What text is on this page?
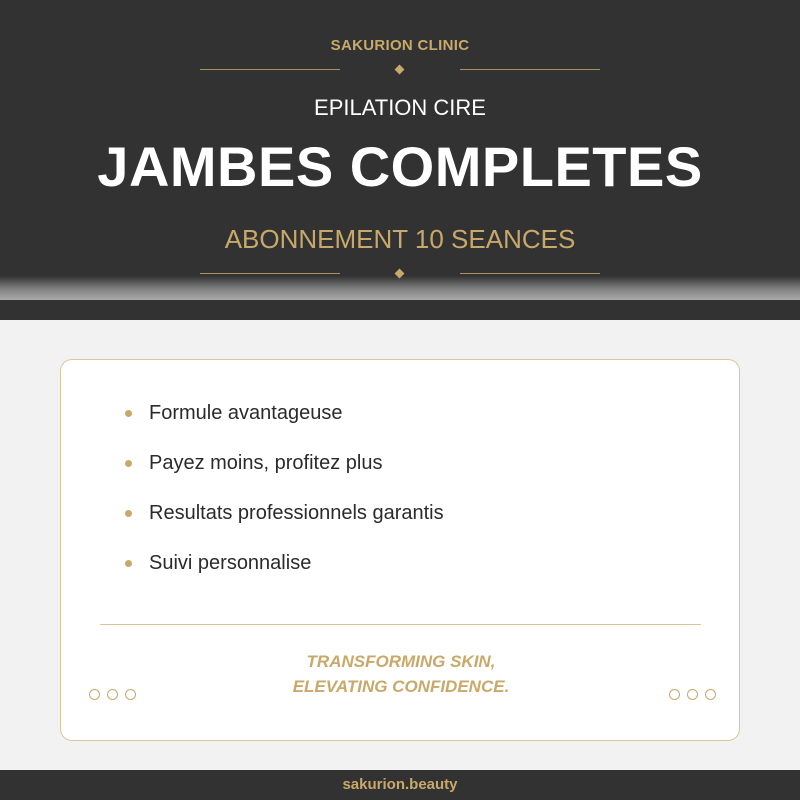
SAKURION CLINIC
EPILATION CIRE
JAMBES COMPLETES
ABONNEMENT 10 SEANCES
Formule avantageuse
Payez moins, profitez plus
Resultats professionnels garantis
Suivi personnalise
TRANSFORMING SKIN,
ELEVATING CONFIDENCE.
sakurion.beauty
